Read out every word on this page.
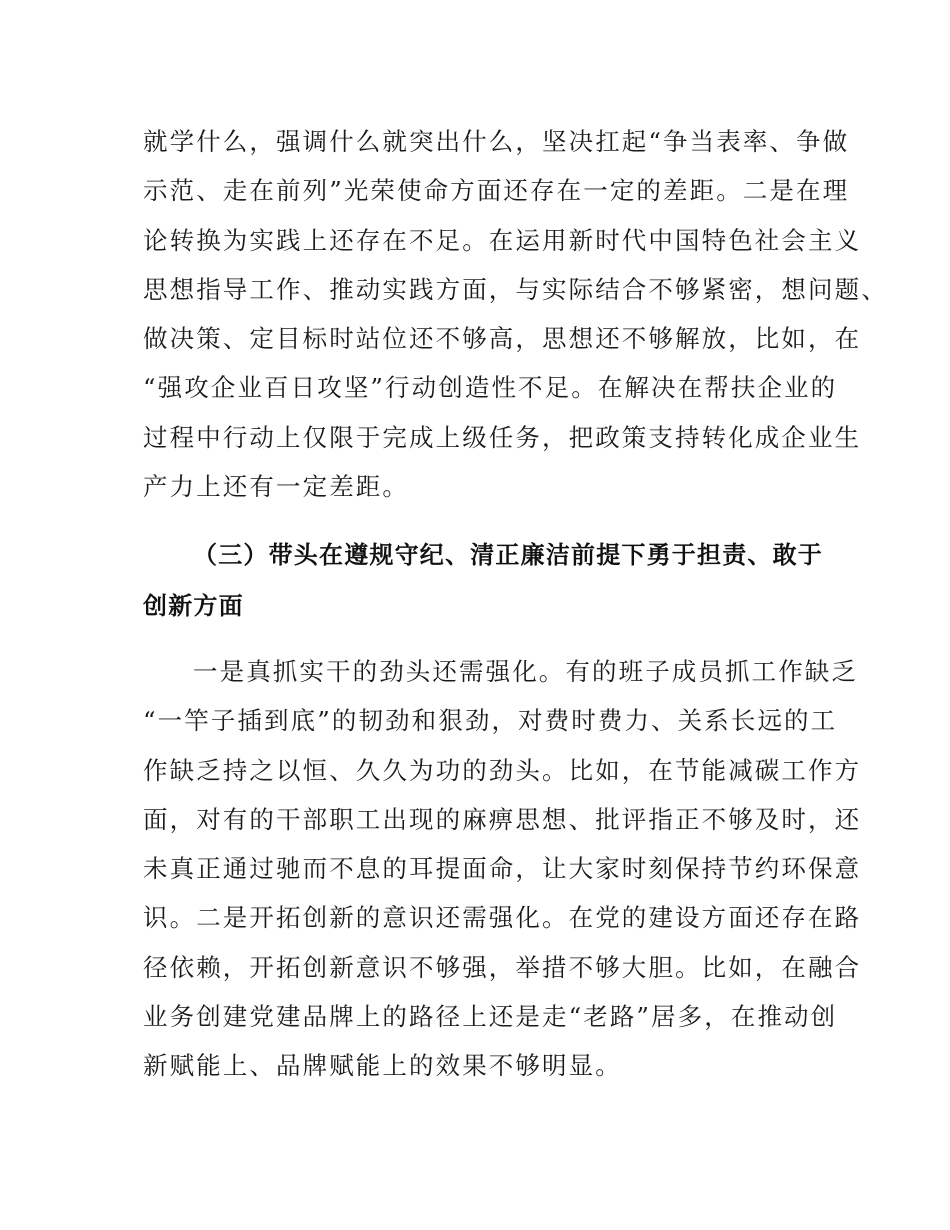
就学什么，强调什么就突出什么，坚决扛起“争当表率、争做
示范、走在前列”光荣使命方面还存在一定的差距。二是在理
论转换为实践上还存在不足。在运用新时代中国特色社会主义
思想指导工作、推动实践方面，与实际结合不够紧密，想问题、
做决策、定目标时站位还不够高，思想还不够解放，比如，在
“强攻企业百日攻坚”行动创造性不足。在解决在帮扶企业的
过程中行动上仅限于完成上级任务，把政策支持转化成企业生
产力上还有一定差距。
（三）带头在遵规守纪、清正廉洁前提下勇于担责、敢于
创新方面
一是真抓实干的劲头还需强化。有的班子成员抓工作缺乏
“一竿子插到底”的韧劲和狠劲，对费时费力、关系长远的工
作缺乏持之以恒、久久为功的劲头。比如，在节能减碳工作方
面，对有的干部职工出现的麻痹思想、批评指正不够及时，还
未真正通过驰而不息的耳提面命，让大家时刻保持节约环保意
识。二是开拓创新的意识还需强化。在党的建设方面还存在路
径依赖，开拓创新意识不够强，举措不够大胆。比如，在融合
业务创建党建品牌上的路径上还是走“老路”居多，在推动创
新赋能上、品牌赋能上的效果不够明显。
